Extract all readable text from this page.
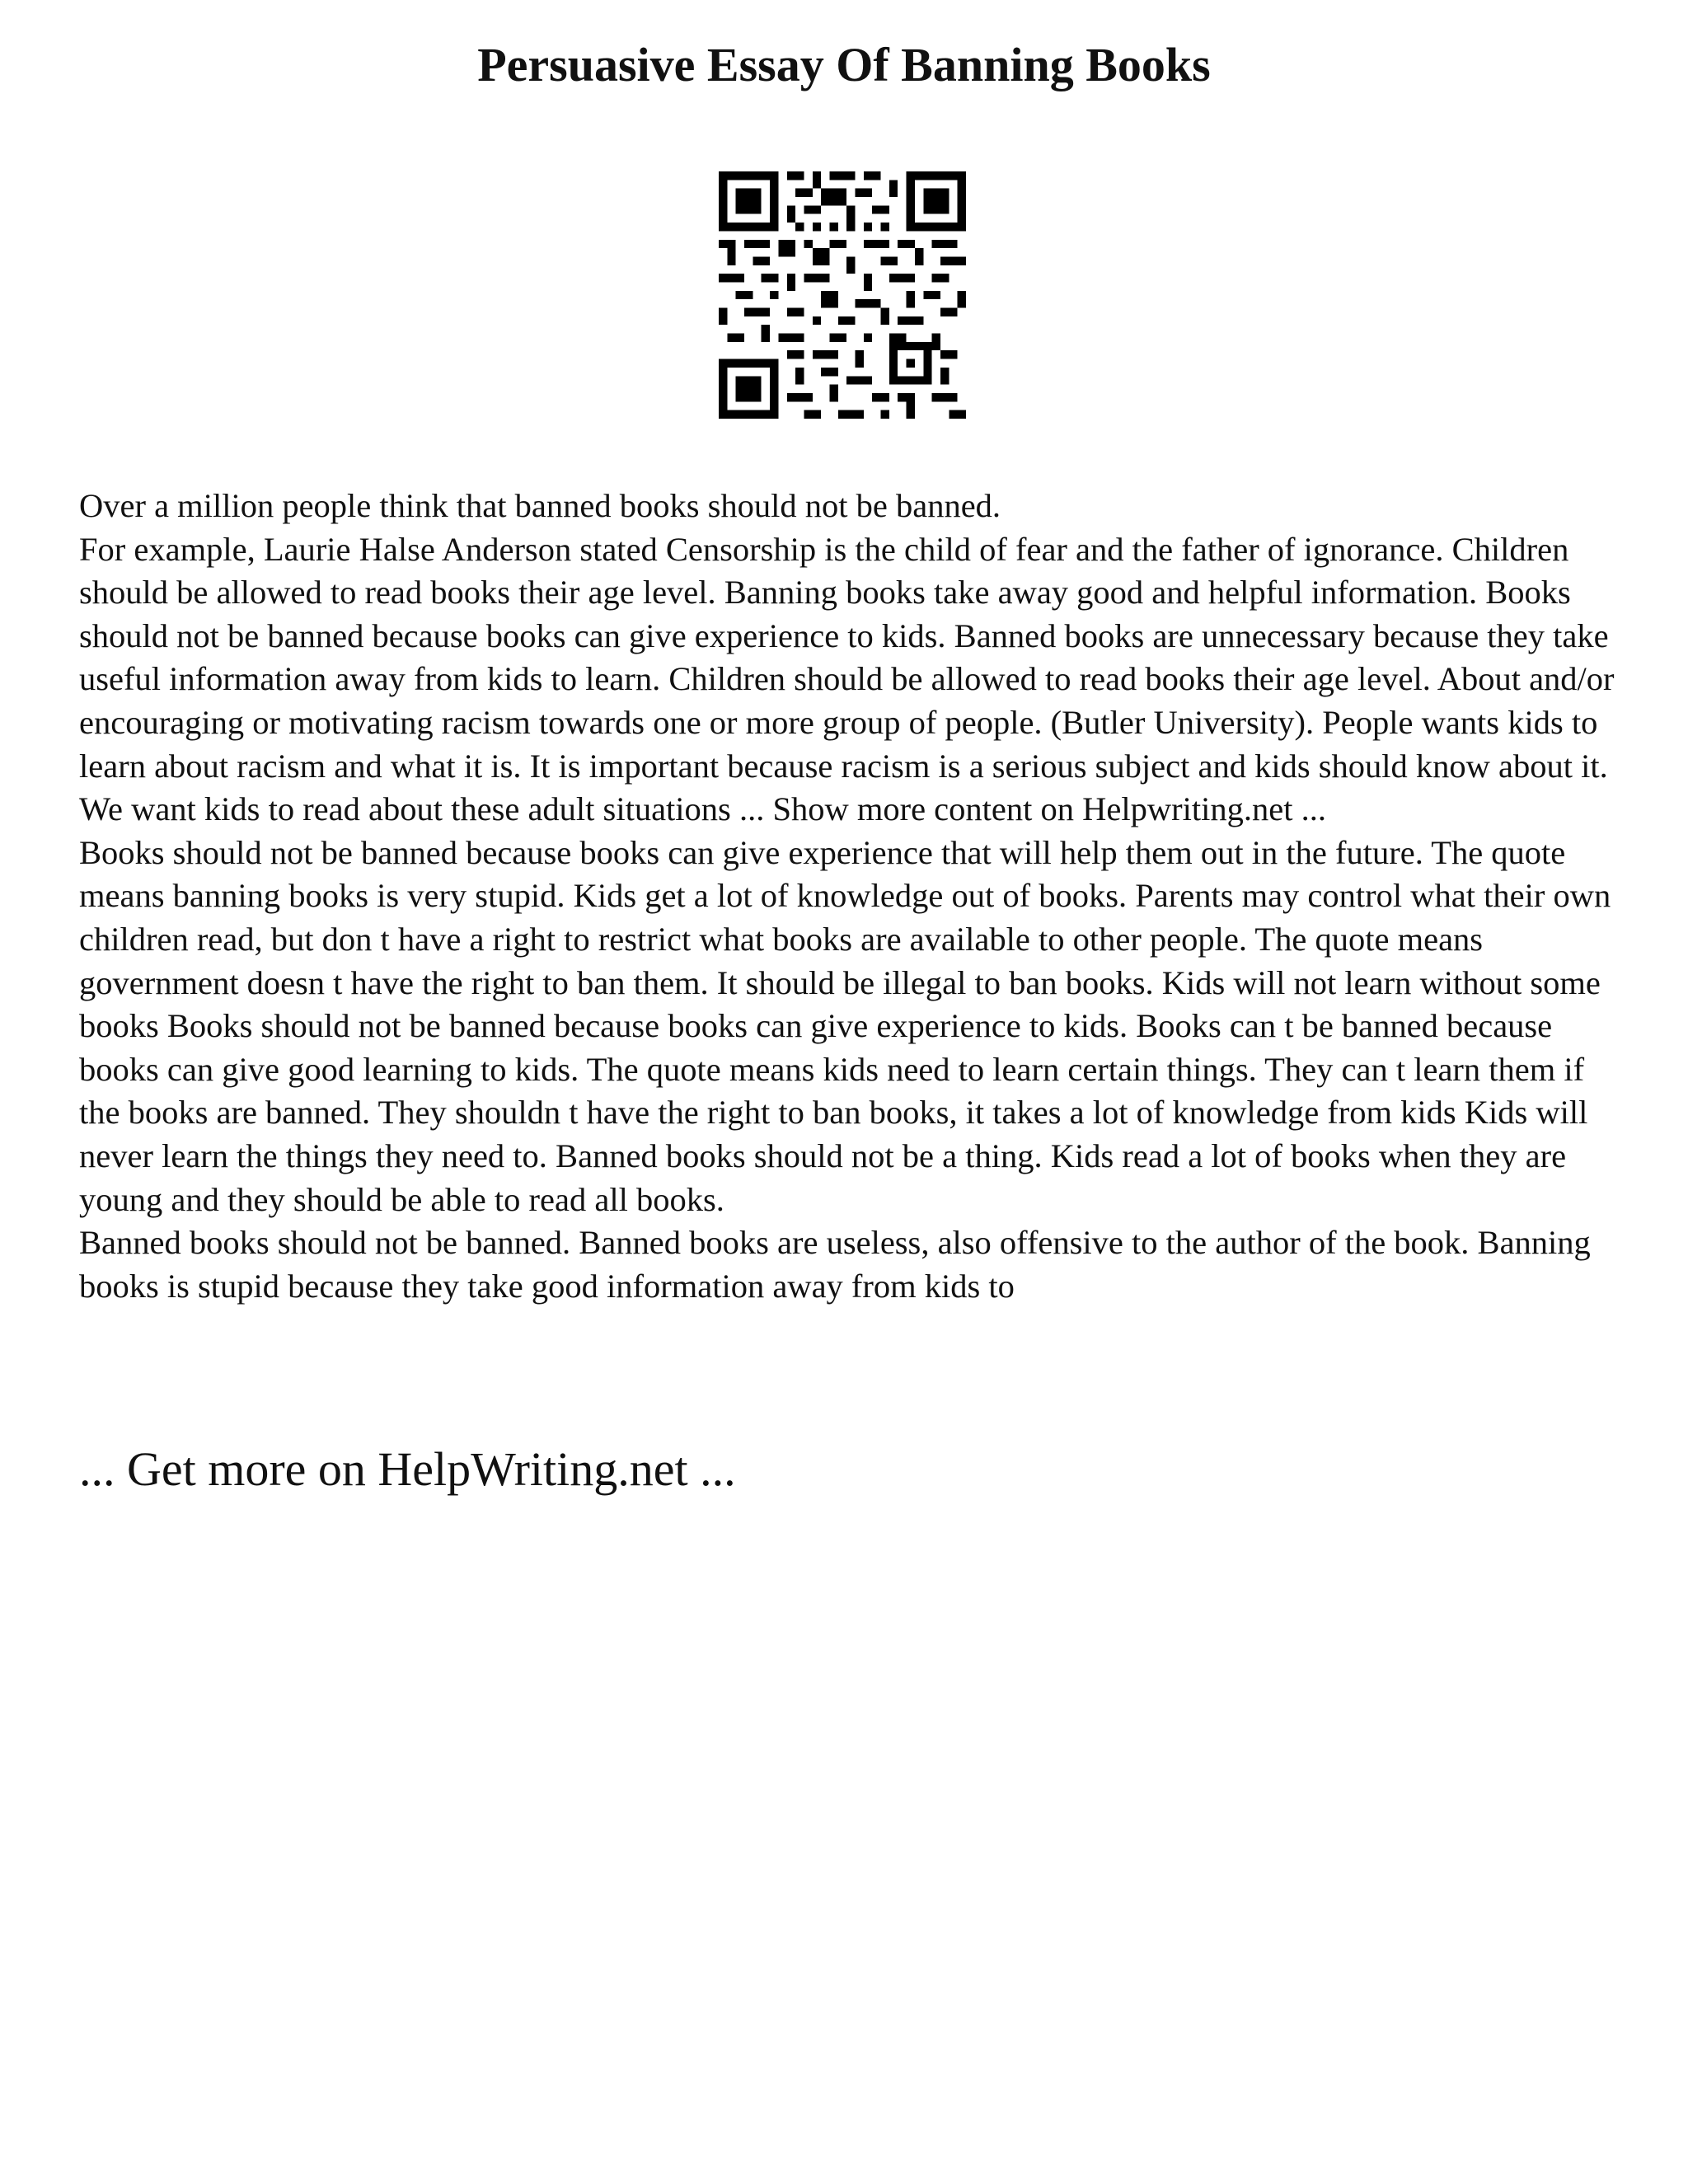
Persuasive Essay Of Banning Books

Over a million people think that banned books should not be banned.

For example, Laurie Halse Anderson stated Censorship is the child of fear and the father of ignorance. Children should be allowed to read books their age level. Banning books take away good and helpful information. Books should not be banned because books can give experience to kids. Banned books are unnecessary because they take useful information away from kids to learn. Children should be allowed to read books their age level. About and/or encouraging or motivating racism towards one or more group of people. (Butler University). People wants kids to learn about racism and what it is. It is important because racism is a serious subject and kids should know about it. We want kids to read about these adult situations ... Show more content on Helpwriting.net ...

Books should not be banned because books can give experience that will help them out in the future. The quote means banning books is very stupid. Kids get a lot of knowledge out of books. Parents may control what their own children read, but don t have a right to restrict what books are available to other people. The quote means government doesn t have the right to ban them. It should be illegal to ban books. Kids will not learn without some books Books should not be banned because books can give experience to kids. Books can t be banned because books can give good learning to kids. The quote means kids need to learn certain things. They can t learn them if the books are banned. They shouldn t have the right to ban books, it takes a lot of knowledge from kids Kids will never learn the things they need to. Banned books should not be a thing. Kids read a lot of books when they are young and they should be able to read all books.

Banned books should not be banned. Banned books are useless, also offensive to the author of the book. Banning books is stupid because they take good information away from kids to

... Get more on HelpWriting.net ...
